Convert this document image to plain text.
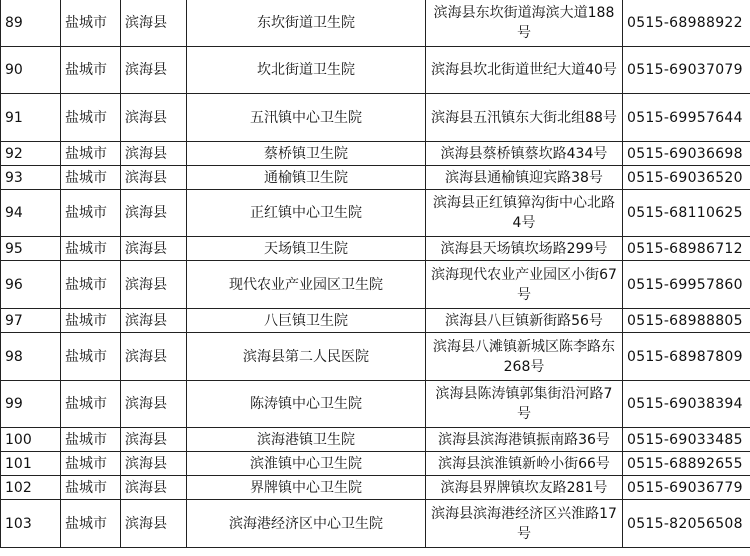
89	盐城市	滨海县	东坎街道卫生院	滨海县东坎街道海滨大道188号	0515-68988922
90	盐城市	滨海县	坎北街道卫生院	滨海县坎北街道世纪大道40号	0515-69037079
91	盐城市	滨海县	五汛镇中心卫生院	滨海县五汛镇东大街北组88号	0515-69957644
92	盐城市	滨海县	蔡桥镇卫生院	滨海县蔡桥镇蔡坎路434号	0515-69036698
93	盐城市	滨海县	通榆镇卫生院	滨海县通榆镇迎宾路38号	0515-69036520
94	盐城市	滨海县	正红镇中心卫生院	滨海县正红镇獐沟街中心北路4号	0515-68110625
95	盐城市	滨海县	天场镇卫生院	滨海县天场镇坎场路299号	0515-68986712
96	盐城市	滨海县	现代农业产业园区卫生院	滨海现代农业产业园区小街67号	0515-69957860
97	盐城市	滨海县	八巨镇卫生院	滨海县八巨镇新街路56号	0515-68988805
98	盐城市	滨海县	滨海县第二人民医院	滨海县八滩镇新城区陈李路东268号	0515-68987809
99	盐城市	滨海县	陈涛镇中心卫生院	滨海县陈涛镇郭集街沿河路7号	0515-69038394
100	盐城市	滨海县	滨海港镇卫生院	滨海县滨海港镇振南路36号	0515-69033485
101	盐城市	滨海县	滨淮镇中心卫生院	滨海县滨淮镇新岭小街66号	0515-68892655
102	盐城市	滨海县	界牌镇中心卫生院	滨海县界牌镇坎友路281号	0515-69036779
103	盐城市	滨海县	滨海港经济区中心卫生院	滨海县滨海港经济区兴淮路17号	0515-82056508
